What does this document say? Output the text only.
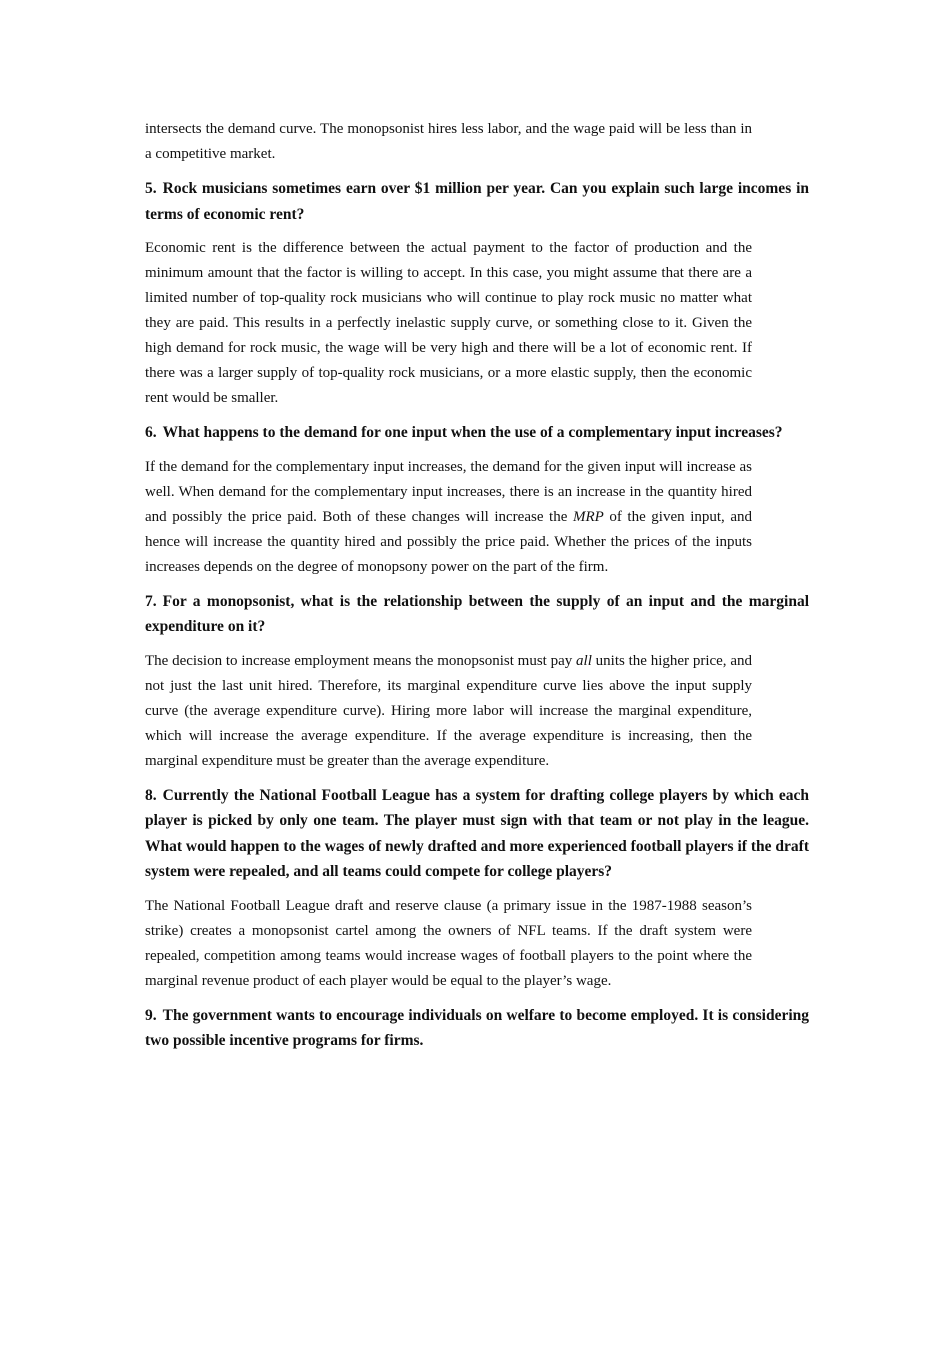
intersects the demand curve. The monopsonist hires less labor, and the wage paid will be less than in a competitive market.

5. Rock musicians sometimes earn over $1 million per year. Can you explain such large incomes in terms of economic rent?

Economic rent is the difference between the actual payment to the factor of production and the minimum amount that the factor is willing to accept. In this case, you might assume that there are a limited number of top-quality rock musicians who will continue to play rock music no matter what they are paid. This results in a perfectly inelastic supply curve, or something close to it. Given the high demand for rock music, the wage will be very high and there will be a lot of economic rent. If there was a larger supply of top-quality rock musicians, or a more elastic supply, then the economic rent would be smaller.

6. What happens to the demand for one input when the use of a complementary input increases?

If the demand for the complementary input increases, the demand for the given input will increase as well. When demand for the complementary input increases, there is an increase in the quantity hired and possibly the price paid. Both of these changes will increase the MRP of the given input, and hence will increase the quantity hired and possibly the price paid. Whether the prices of the inputs increases depends on the degree of monopsony power on the part of the firm.

7. For a monopsonist, what is the relationship between the supply of an input and the marginal expenditure on it?

The decision to increase employment means the monopsonist must pay all units the higher price, and not just the last unit hired. Therefore, its marginal expenditure curve lies above the input supply curve (the average expenditure curve). Hiring more labor will increase the marginal expenditure, which will increase the average expenditure. If the average expenditure is increasing, then the marginal expenditure must be greater than the average expenditure.

8. Currently the National Football League has a system for drafting college players by which each player is picked by only one team. The player must sign with that team or not play in the league. What would happen to the wages of newly drafted and more experienced football players if the draft system were repealed, and all teams could compete for college players?

The National Football League draft and reserve clause (a primary issue in the 1987-1988 season’s strike) creates a monopsonist cartel among the owners of NFL teams. If the draft system were repealed, competition among teams would increase wages of football players to the point where the marginal revenue product of each player would be equal to the player’s wage.

9. The government wants to encourage individuals on welfare to become employed. It is considering two possible incentive programs for firms.
